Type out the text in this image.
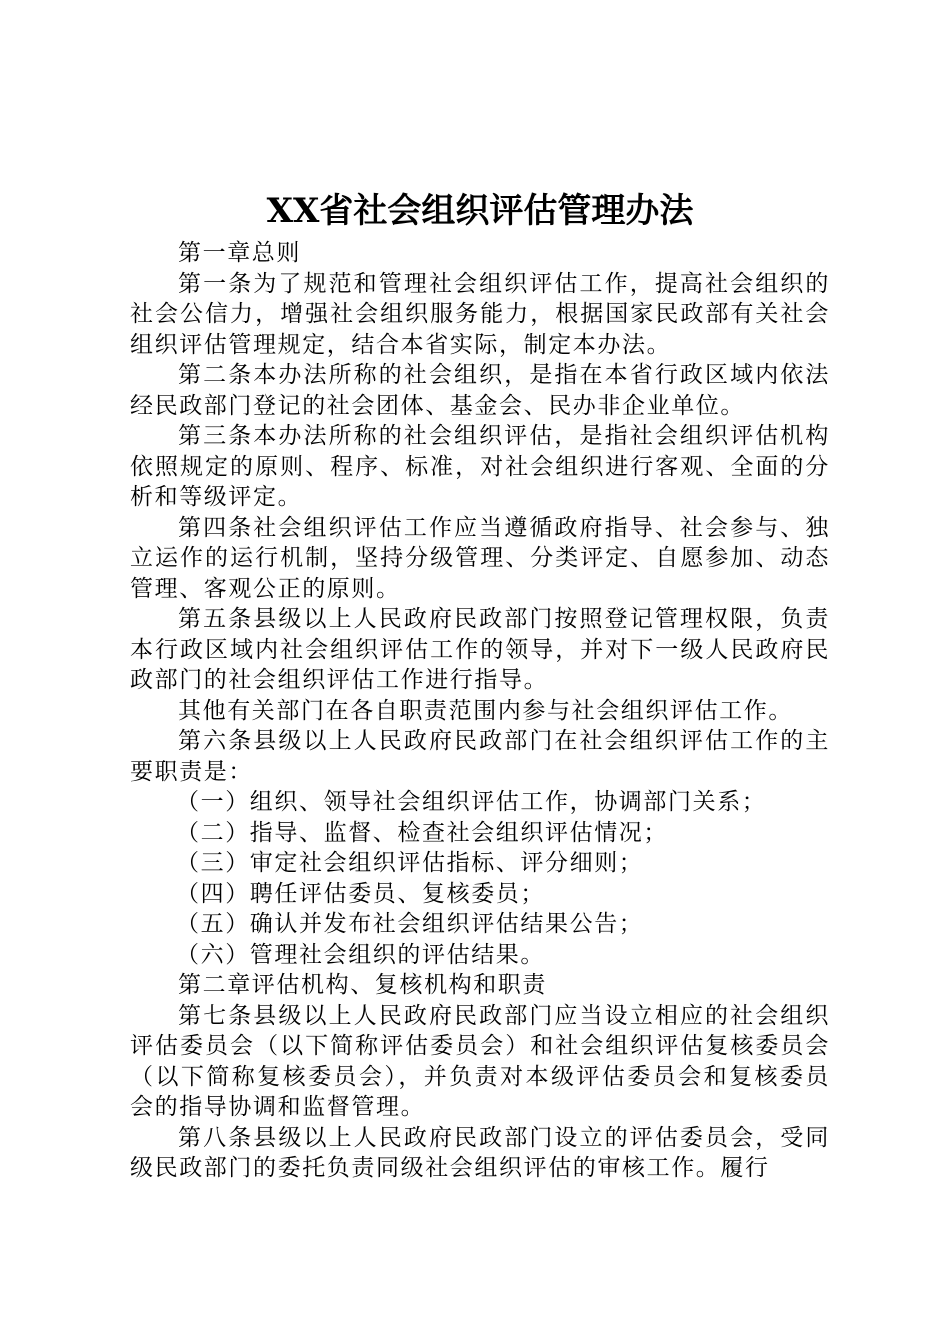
XX省社会组织评估管理办法

第一章总则

第一条为了规范和管理社会组织评估工作，提高社会组织的社会公信力，增强社会组织服务能力，根据国家民政部有关社会组织评估管理规定，结合本省实际，制定本办法。

第二条本办法所称的社会组织，是指在本省行政区域内依法经民政部门登记的社会团体、基金会、民办非企业单位。

第三条本办法所称的社会组织评估，是指社会组织评估机构依照规定的原则、程序、标准，对社会组织进行客观、全面的分析和等级评定。

第四条社会组织评估工作应当遵循政府指导、社会参与、独立运作的运行机制，坚持分级管理、分类评定、自愿参加、动态管理、客观公正的原则。

第五条县级以上人民政府民政部门按照登记管理权限，负责本行政区域内社会组织评估工作的领导，并对下一级人民政府民政部门的社会组织评估工作进行指导。

其他有关部门在各自职责范围内参与社会组织评估工作。

第六条县级以上人民政府民政部门在社会组织评估工作的主要职责是：

（一）组织、领导社会组织评估工作，协调部门关系；

（二）指导、监督、检查社会组织评估情况；

（三）审定社会组织评估指标、评分细则；

（四）聘任评估委员、复核委员；

（五）确认并发布社会组织评估结果公告；

（六）管理社会组织的评估结果。

第二章评估机构、复核机构和职责

第七条县级以上人民政府民政部门应当设立相应的社会组织评估委员会（以下简称评估委员会）和社会组织评估复核委员会（以下简称复核委员会），并负责对本级评估委员会和复核委员会的指导协调和监督管理。

第八条县级以上人民政府民政部门设立的评估委员会，受同级民政部门的委托负责同级社会组织评估的审核工作。履行
